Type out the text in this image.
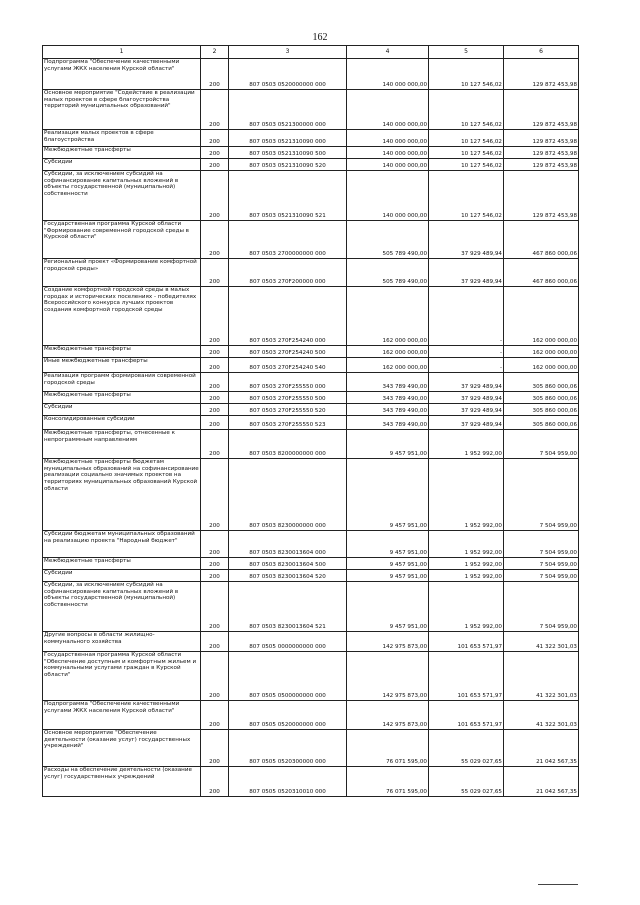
162
1	2	3	4	5	6
Подпрограмма "Обеспечение качественными услугами ЖКХ населения Курской области"	200	807 0503 0520000000 000	140 000 000,00	10 127 546,02	129 872 453,98
Основное мероприятие "Содействие в реализации малых проектов в сфере благоустройства территорий муниципальных образований"	200	807 0503 0521300000 000	140 000 000,00	10 127 546,02	129 872 453,98
Реализация малых проектов в сфере благоустройства	200	807 0503 0521310090 000	140 000 000,00	10 127 546,02	129 872 453,98
Межбюджетные трансферты	200	807 0503 0521310090 500	140 000 000,00	10 127 546,02	129 872 453,98
Субсидии	200	807 0503 0521310090 520	140 000 000,00	10 127 546,02	129 872 453,98
Субсидии, за исключением субсидий на софинансирование капитальных вложений в объекты государственной (муниципальной) собственности	200	807 0503 0521310090 521	140 000 000,00	10 127 546,02	129 872 453,98
Государственная программа Курской области "Формирование современной городской среды в Курской области"	200	807 0503 2700000000 000	505 789 490,00	37 929 489,94	467 860 000,06
Региональный проект «Формирование комфортной городской среды»	200	807 0503 270F200000 000	505 789 490,00	37 929 489,94	467 860 000,06
Создание комфортной городской среды в малых городах и исторических поселениях - победителях Всероссийского конкурса лучших проектов создания комфортной городской среды	200	807 0503 270F254240 000	162 000 000,00	-	162 000 000,00
Межбюджетные трансферты	200	807 0503 270F254240 500	162 000 000,00	-	162 000 000,00
Иные межбюджетные трансферты	200	807 0503 270F254240 540	162 000 000,00	-	162 000 000,00
Реализация программ формирования современной городской среды	200	807 0503 270F255550 000	343 789 490,00	37 929 489,94	305 860 000,06
Межбюджетные трансферты	200	807 0503 270F255550 500	343 789 490,00	37 929 489,94	305 860 000,06
Субсидии	200	807 0503 270F255550 520	343 789 490,00	37 929 489,94	305 860 000,06
Консолидированные субсидии	200	807 0503 270F255550 523	343 789 490,00	37 929 489,94	305 860 000,06
Межбюджетные трансферты, отнесенные к непрограммным направлениям	200	807 0503 8200000000 000	9 457 951,00	1 952 992,00	7 504 959,00
Межбюджетные трансферты бюджетам муниципальных образований на софинансирование реализации социально значимых проектов на территориях муниципальных образований Курской области	200	807 0503 8230000000 000	9 457 951,00	1 952 992,00	7 504 959,00
Субсидии бюджетам муниципальных образований на реализацию проекта "Народный бюджет"	200	807 0503 8230013604 000	9 457 951,00	1 952 992,00	7 504 959,00
Межбюджетные трансферты	200	807 0503 8230013604 500	9 457 951,00	1 952 992,00	7 504 959,00
Субсидии	200	807 0503 8230013604 520	9 457 951,00	1 952 992,00	7 504 959,00
Субсидии, за исключением субсидий на софинансирование капитальных вложений в объекты государственной (муниципальной) собственности	200	807 0503 8230013604 521	9 457 951,00	1 952 992,00	7 504 959,00
Другие вопросы в области жилищно-коммунального хозяйства	200	807 0505 0000000000 000	142 975 873,00	101 653 571,97	41 322 301,03
Государственная программа Курской области "Обеспечение доступным и комфортным жильем и коммунальными услугами граждан в Курской области"	200	807 0505 0500000000 000	142 975 873,00	101 653 571,97	41 322 301,03
Подпрограмма "Обеспечение качественными услугами ЖКХ населения Курской области"	200	807 0505 0520000000 000	142 975 873,00	101 653 571,97	41 322 301,03
Основное мероприятие "Обеспечение деятельности (оказание услуг) государственных учреждений"	200	807 0505 0520300000 000	76 071 595,00	55 029 027,65	21 042 567,35
Расходы на обеспечение деятельности (оказание услуг) государственных учреждений	200	807 0505 0520310010 000	76 071 595,00	55 029 027,65	21 042 567,35
